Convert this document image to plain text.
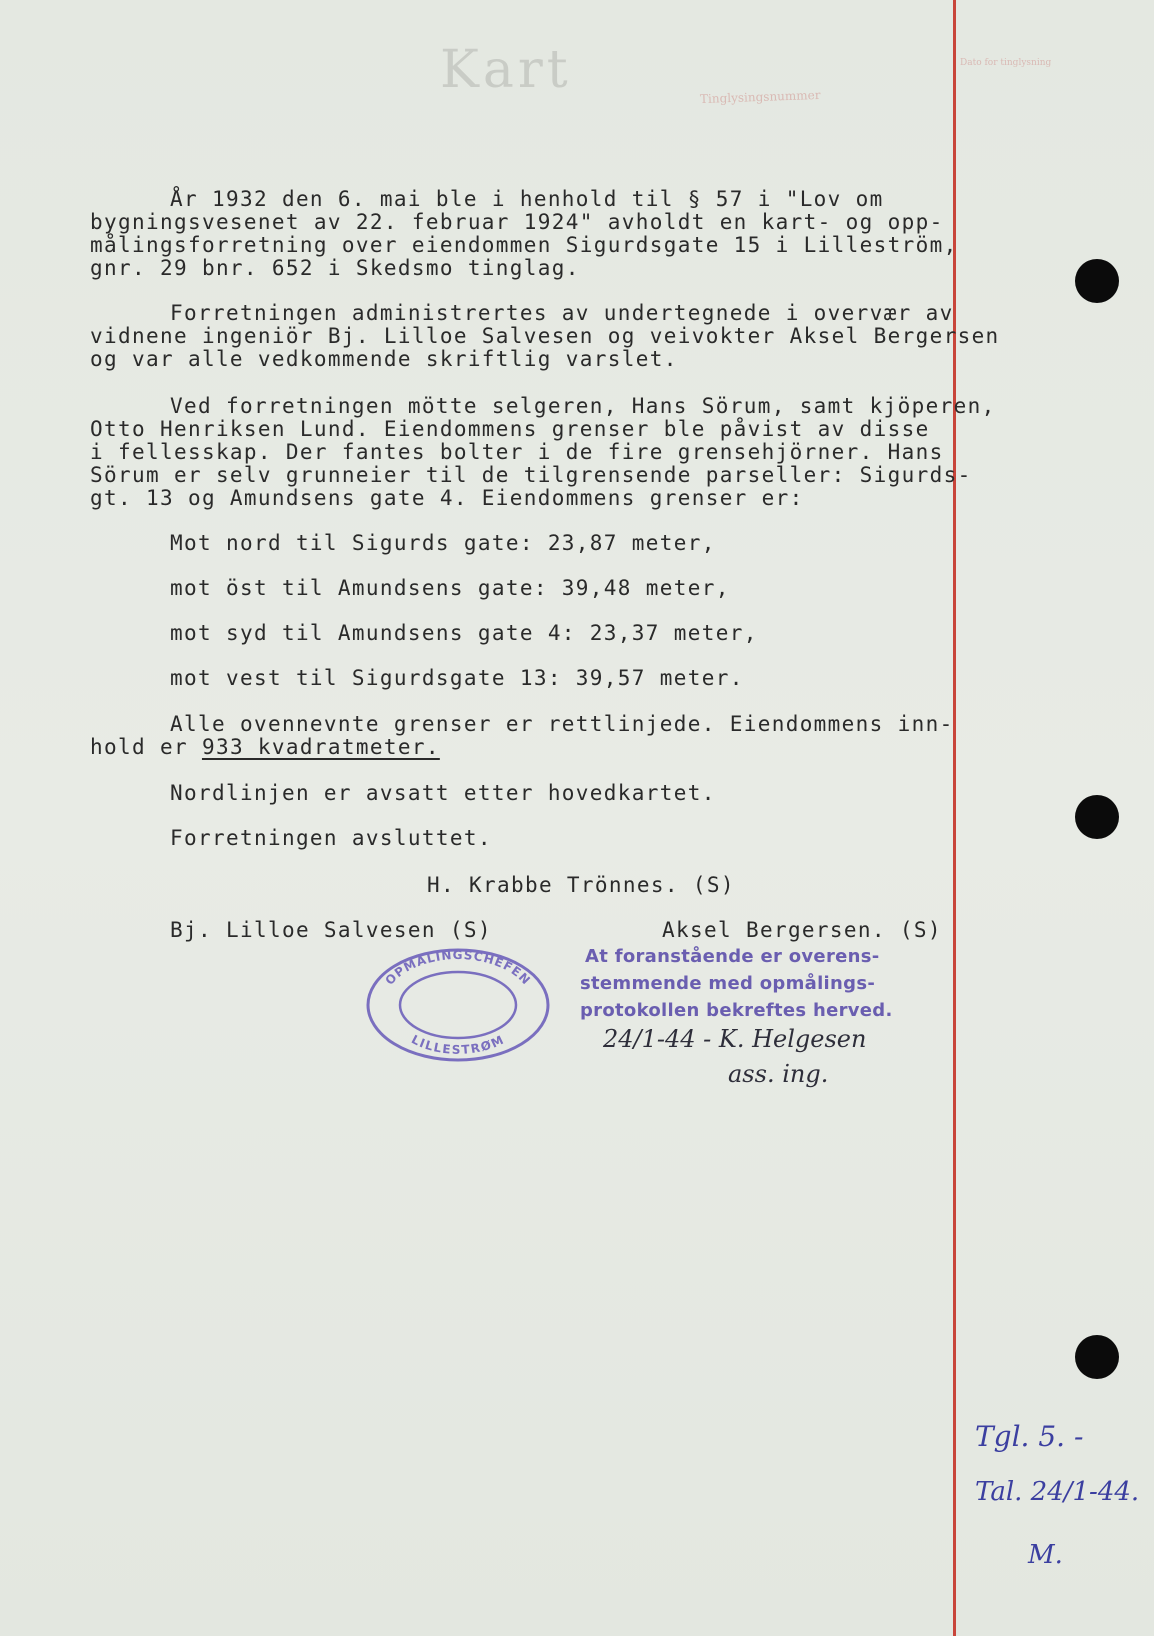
Kart	Tinglysingsnummer
Dato for tinglysning

År 1932 den 6. mai ble i henhold til § 57 i "Lov om

bygningsvesenet av 22. februar 1924" avholdt en kart- og opp-

målingsforretning over eiendommen Sigurdsgate 15 i Lilleström,

gnr. 29 bnr. 652 i Skedsmo tinglag.

Forretningen administrertes av undertegnede i overvær av

vidnene ingeniör Bj. Lilloe Salvesen og veivokter Aksel Bergersen

og var alle vedkommende skriftlig varslet.

Ved forretningen mötte selgeren, Hans Sörum, samt kjöperen,

Otto Henriksen Lund. Eiendommens grenser ble påvist av disse

i fellesskap. Der fantes bolter i de fire grensehjörner. Hans

Sörum er selv grunneier til de tilgrensende parseller: Sigurds-

gt. 13 og Amundsens gate 4. Eiendommens grenser er:

Mot nord til Sigurds gate: 23,87 meter,

mot öst til Amundsens gate: 39,48 meter,

mot syd til Amundsens gate 4: 23,37 meter,

mot vest til Sigurdsgate 13: 39,57 meter.

Alle ovennevnte grenser er rettlinjede. Eiendommens inn-

hold er 933 kvadratmeter.

Nordlinjen er avsatt etter hovedkartet.

Forretningen avsluttet.

H. Krabbe Trönnes. (S)

Bj. Lilloe Salvesen (S)	Aksel Bergersen. (S)

OPMÅLINGSCHEFEN
LILLESTRØM

At foranstående er overens-

stemmende med opmålings-

protokollen bekreftes herved.

24/1-44 - K. Helgesen
ass. ing.
Tgl. 5. -
Tal. 24/1-44.
M.
